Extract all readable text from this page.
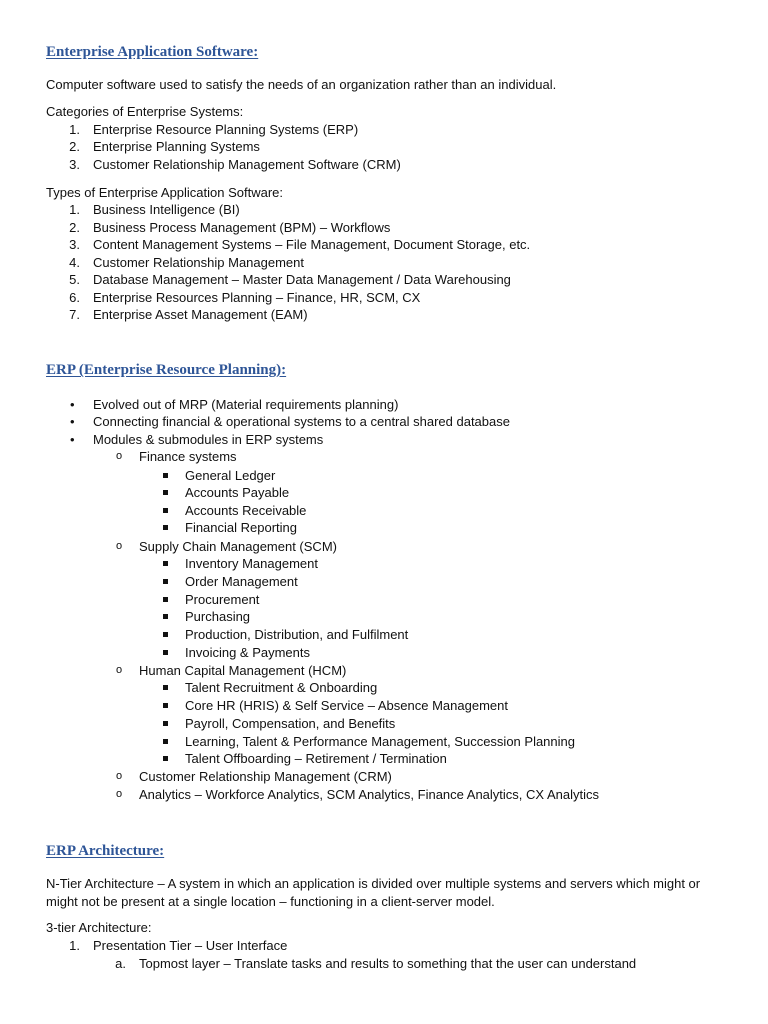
Enterprise Application Software:
Computer software used to satisfy the needs of an organization rather than an individual.
Categories of Enterprise Systems:
1. Enterprise Resource Planning Systems (ERP)
2. Enterprise Planning Systems
3. Customer Relationship Management Software (CRM)
Types of Enterprise Application Software:
1. Business Intelligence (BI)
2. Business Process Management (BPM) – Workflows
3. Content Management Systems – File Management, Document Storage, etc.
4. Customer Relationship Management
5. Database Management – Master Data Management / Data Warehousing
6. Enterprise Resources Planning – Finance, HR, SCM, CX
7. Enterprise Asset Management (EAM)
ERP (Enterprise Resource Planning):
• Evolved out of MRP (Material requirements planning)
• Connecting financial & operational systems to a central shared database
• Modules & submodules in ERP systems
o Finance systems
General Ledger
Accounts Payable
Accounts Receivable
Financial Reporting
o Supply Chain Management (SCM)
Inventory Management
Order Management
Procurement
Purchasing
Production, Distribution, and Fulfilment
Invoicing & Payments
o Human Capital Management (HCM)
Talent Recruitment & Onboarding
Core HR (HRIS) & Self Service – Absence Management
Payroll, Compensation, and Benefits
Learning, Talent & Performance Management, Succession Planning
Talent Offboarding – Retirement / Termination
o Customer Relationship Management (CRM)
o Analytics – Workforce Analytics, SCM Analytics, Finance Analytics, CX Analytics
ERP Architecture:
N-Tier Architecture – A system in which an application is divided over multiple systems and servers which might or
might not be present at a single location – functioning in a client-server model.
3-tier Architecture:
1. Presentation Tier – User Interface
a. Topmost layer – Translate tasks and results to something that the user can understand
